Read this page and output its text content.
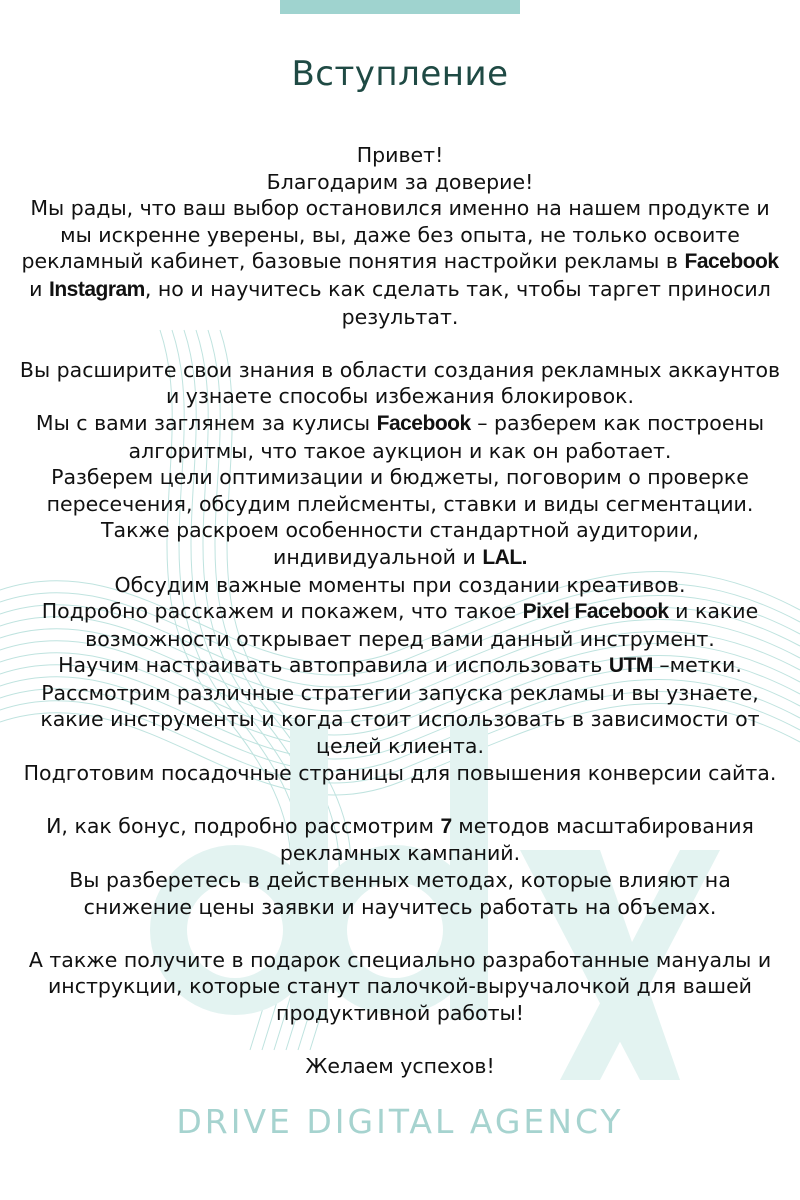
Вступление

Привет!

Благодарим за доверие!

Мы рады, что ваш выбор остановился именно на нашем продукте и мы искренне уверены, вы, даже без опыта, не только освоите рекламный кабинет, базовые понятия настройки рекламы в Facebook и Instagram, но и научитесь как сделать так, чтобы таргет приносил результат.

Вы расширите свои знания в области создания рекламных аккаунтов и узнаете способы избежания блокировок.

Мы с вами заглянем за кулисы Facebook – разберем как построены алгоритмы, что такое аукцион и как он работает.

Разберем цели оптимизации и бюджеты, поговорим о проверке пересечения, обсудим плейсменты, ставки и виды сегментации. Также раскроем особенности стандартной аудитории, индивидуальной и LAL.

Обсудим важные моменты при создании креативов.

Подробно расскажем и покажем, что такое Pixel Facebook и какие возможности открывает перед вами данный инструмент.

Научим настраивать автоправила и использовать UTM –метки.

Рассмотрим различные стратегии запуска рекламы и вы узнаете, какие инструменты и когда стоит использовать в зависимости от целей клиента.

Подготовим посадочные страницы для повышения конверсии сайта.

И, как бонус, подробно рассмотрим 7 методов масштабирования рекламных кампаний.

Вы разберетесь в действенных методах, которые влияют на снижение цены заявки и научитесь работать на объемах.

А также получите в подарок специально разработанные мануалы и инструкции, которые станут палочкой-выручалочкой для вашей продуктивной работы!

Желаем успехов!

DRIVE DIGITAL AGENCY
